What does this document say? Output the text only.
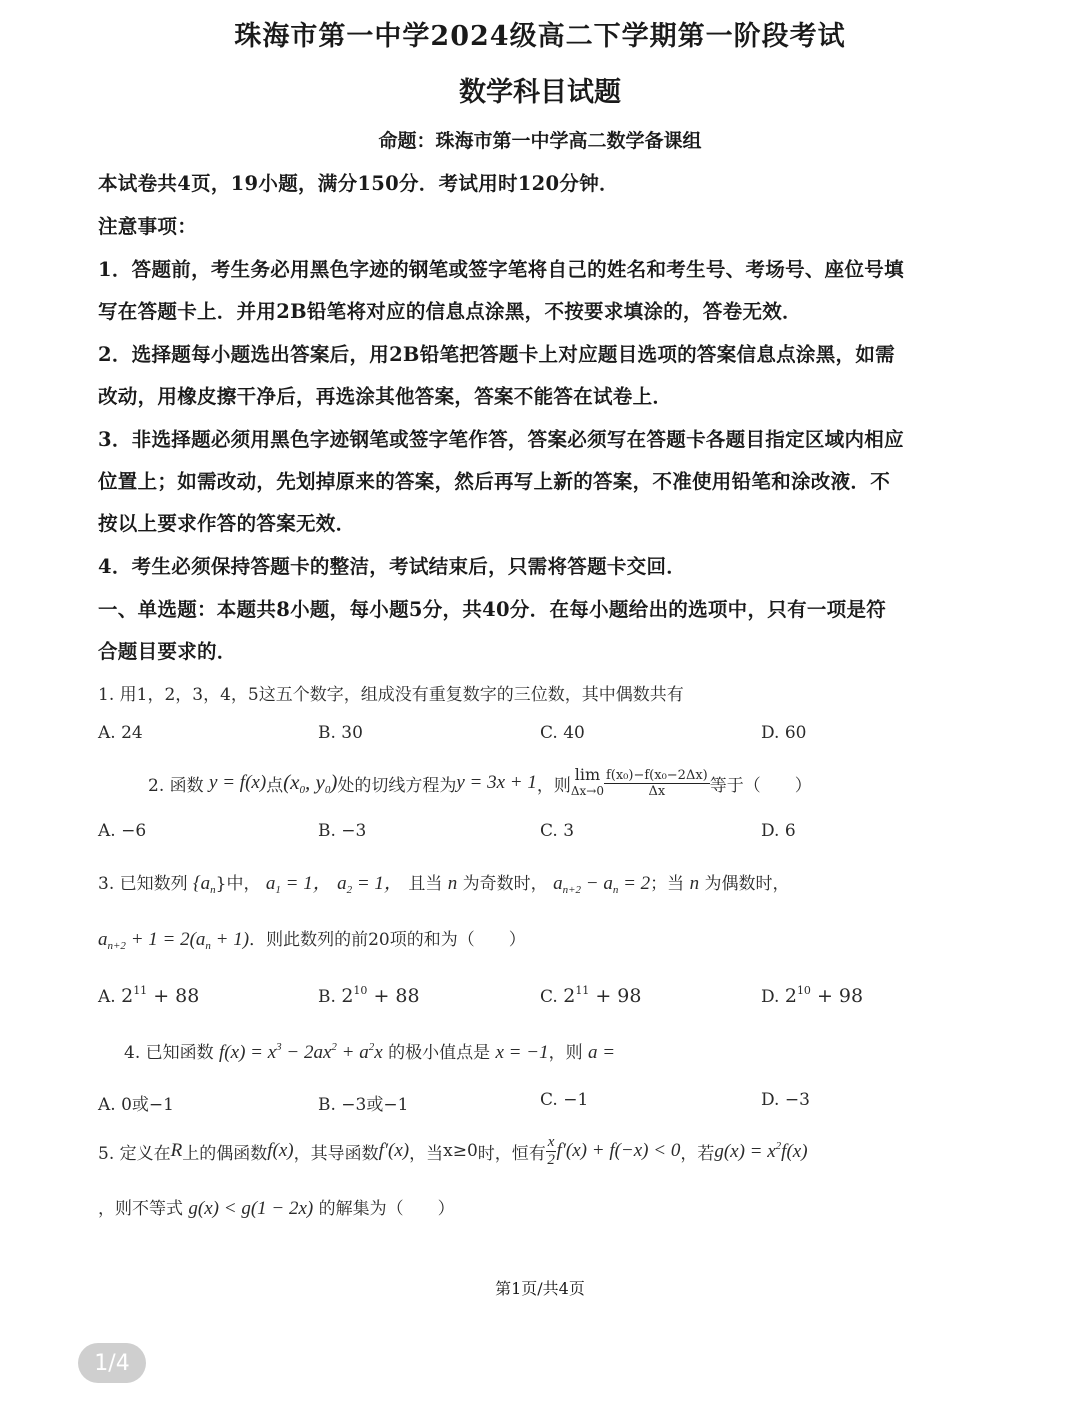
珠海市第一中学2024级高二下学期第一阶段考试
数学科目试题
命题：珠海市第一中学高二数学备课组
本试卷共4页，19小题，满分150分．考试用时120分钟．
注意事项：
1．答题前，考生务必用黑色字迹的钢笔或签字笔将自己的姓名和考生号、考场号、座位号填
写在答题卡上．并用2B铅笔将对应的信息点涂黑，不按要求填涂的，答卷无效．
2．选择题每小题选出答案后，用2B铅笔把答题卡上对应题目选项的答案信息点涂黑，如需
改动，用橡皮擦干净后，再选涂其他答案，答案不能答在试卷上．
3．非选择题必须用黑色字迹钢笔或签字笔作答，答案必须写在答题卡各题目指定区域内相应
位置上；如需改动，先划掉原来的答案，然后再写上新的答案，不准使用铅笔和涂改液．不
按以上要求作答的答案无效．
4．考生必须保持答题卡的整洁，考试结束后，只需将答题卡交回．
一、单选题：本题共8小题，每小题5分，共40分．在每小题给出的选项中，只有一项是符
合题目要求的．
1. 用1，2，3，4，5这五个数字，组成没有重复数字的三位数，其中偶数共有
A. 24	B. 30	C. 40	D. 60
2. 函数
y = f (x) 点 ($x_0$, $y_0$) 处的切线方程为 y = 3x + 1 ，则
lim
$\Delta x\to 0 \frac{\text{f(x₀)−f(x₀−2Δx)}}{\Delta x}$ 等于（　　）
A. −6	B. −3	C. 3	D. 6
3. 已知数列 $\{a_n\}$中， $a_1 = 1$， $a_2 = 1$， 且当 n 为奇数时， $a_{n+2} - a_n = 2$；当 n 为偶数时，
$a_{n+2} + 1 = 2(a_n + 1)$．则此数列的前20项的和为（　　）
A. $2^{11} + 88$	B. $2^{10} + 88$	C. $2^{11} + 98$	D. $2^{10} + 98$
4. 已知函数 $f(x) = x^3 - 2ax^2 + a^2x$ 的极小值点是 x = −1，则 a =
A. 0或−1	B. −3或−1	C. −1	D. −3
5. 定义在 R 上的偶函数 f(x) ，其导函数 f′(x) ，当 x≥0 时，恒有 $\frac{x}{2} f'(x) + f(-x) < 0$ ，若 $g(x) = x^2f(x)$
，则不等式 g(x) < g(1 − 2x) 的解集为（　　）
第1页/共4页
1/4
